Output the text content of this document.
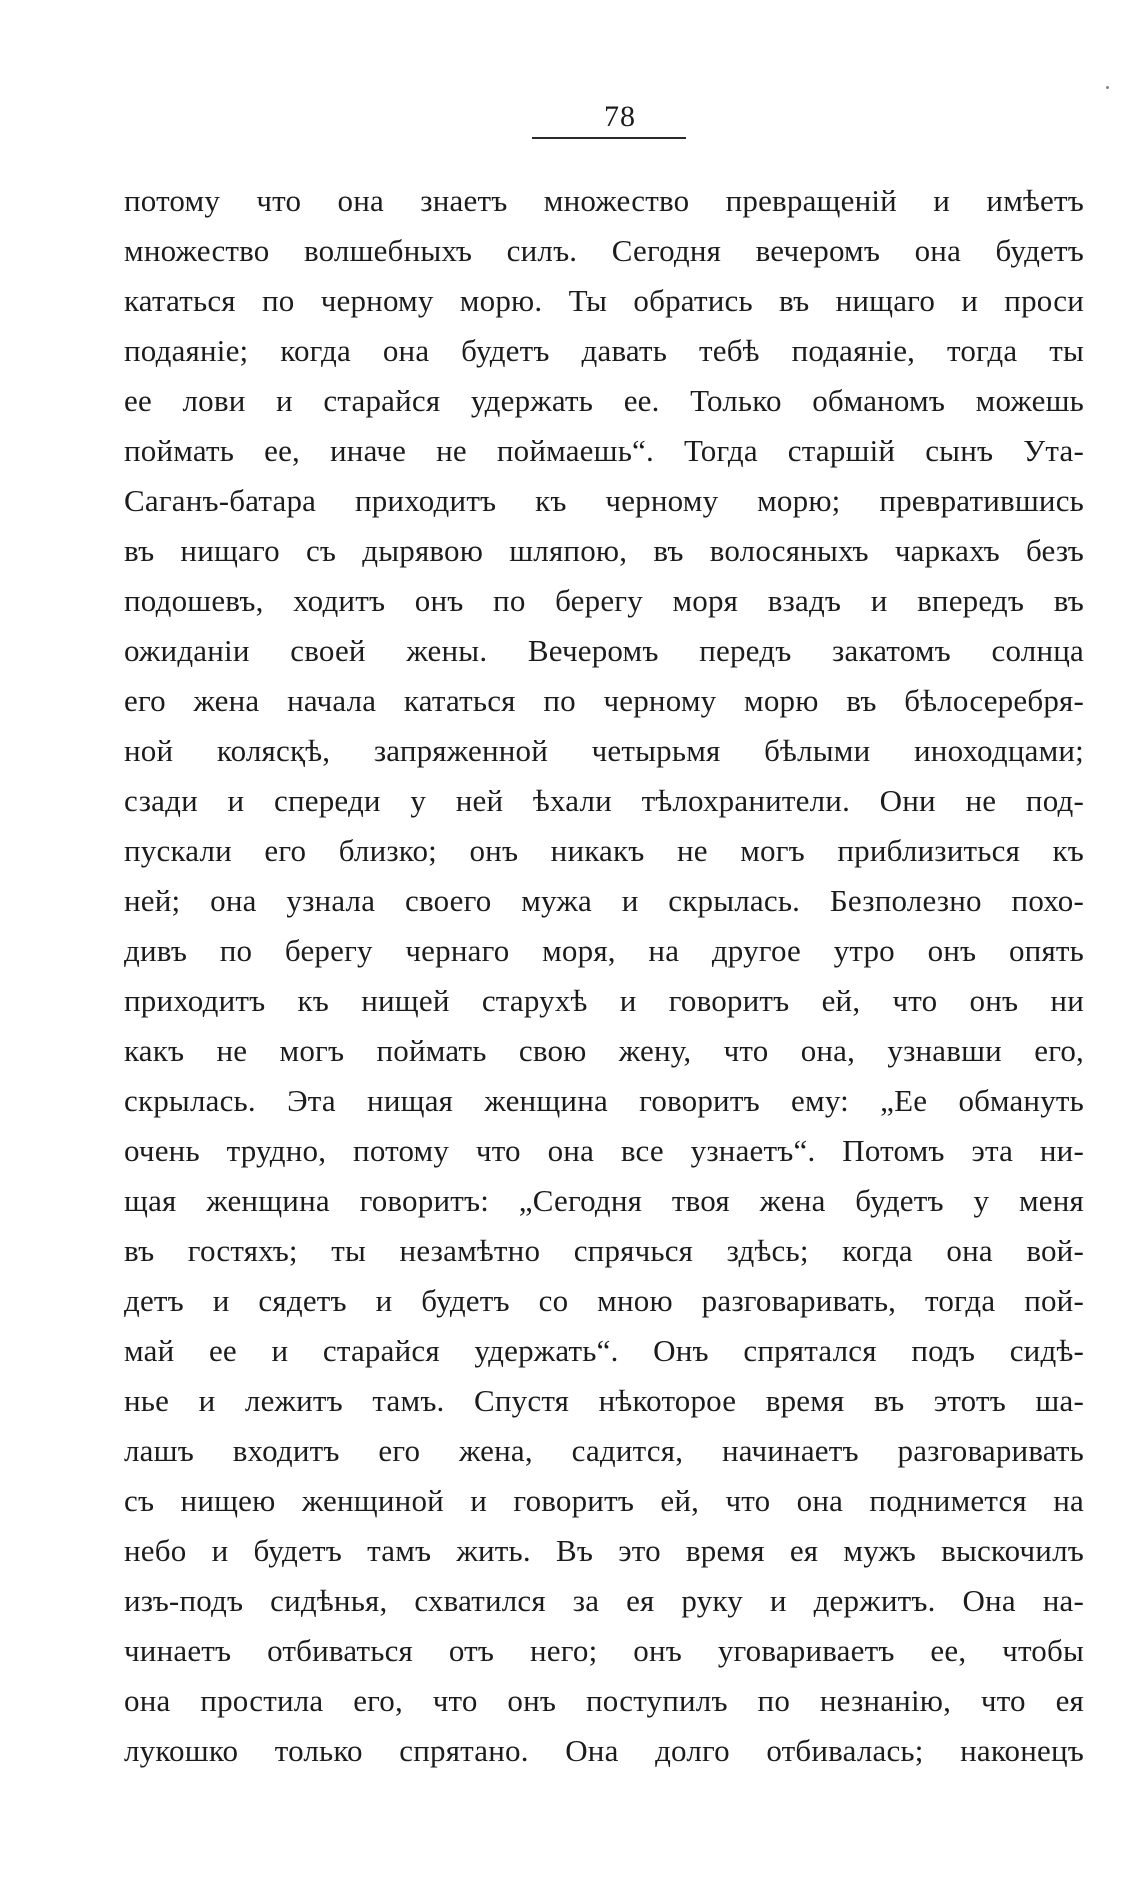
78
потому что она знаетъ множество превращенiй и имѣетъ
множество волшебныхъ силъ. Сегодня вечеромъ она будетъ
кататься по черному морю. Ты обратись въ нищаго и проси
подаянiе; когда она будетъ давать тебѣ подаянiе, тогда ты
ее лови и старайся удержать ее. Только обманомъ можешь
поймать ее, иначе не поймаешь“. Тогда старшiй сынъ Ута-
Саганъ-батара приходитъ къ черному морю; превратившись
въ нищаго съ дырявою шляпою, въ волосяныхъ чаркахъ безъ
подошевъ, ходитъ онъ по берегу моря взадъ и впередъ въ
ожиданiи своей жены. Вечеромъ передъ закатомъ солнца
его жена начала кататься по черному морю въ бѣлосеребря-
ной колясқѣ, запряженной четырьмя бѣлыми иноходцами;
сзади и спереди у ней ѣхали тѣлохранители. Они не под-
пускали его близко; онъ никакъ не могъ приблизиться къ
ней; она узнала своего мужа и скрылась. Безполезно похо-
дивъ по берегу чернаго моря, на другое утро онъ опять
приходитъ къ нищей старухѣ и говоритъ ей, что онъ ни
какъ не могъ поймать свою жену, что она, узнавши его,
скрылась. Эта нищая женщина говоритъ ему: „Ее обмануть
очень трудно, потому что она все узнаетъ“. Потомъ эта ни-
щая женщина говоритъ: „Сегодня твоя жена будетъ у меня
въ гостяхъ; ты незамѣтно спрячься здѣсь; когда она вой-
детъ и сядетъ и будетъ со мною разговаривать, тогда пой-
май ее и старайся удержать“. Онъ спрятался подъ сидѣ-
нье и лежитъ тамъ. Спустя нѣкоторое время въ этотъ ша-
лашъ входитъ его жена, садится, начинаетъ разговаривать
съ нищею женщиной и говоритъ ей, что она поднимется на
небо и будетъ тамъ жить. Въ это время ея мужъ выскочилъ
изъ-подъ сидѣнья, схватился за ея руку и держитъ. Она на-
чинаетъ отбиваться отъ него; онъ уговариваетъ ее, чтобы
она простила его, что онъ поступилъ по незнанiю, что ея
лукошко только спрятано. Она долго отбивалась; наконецъ
